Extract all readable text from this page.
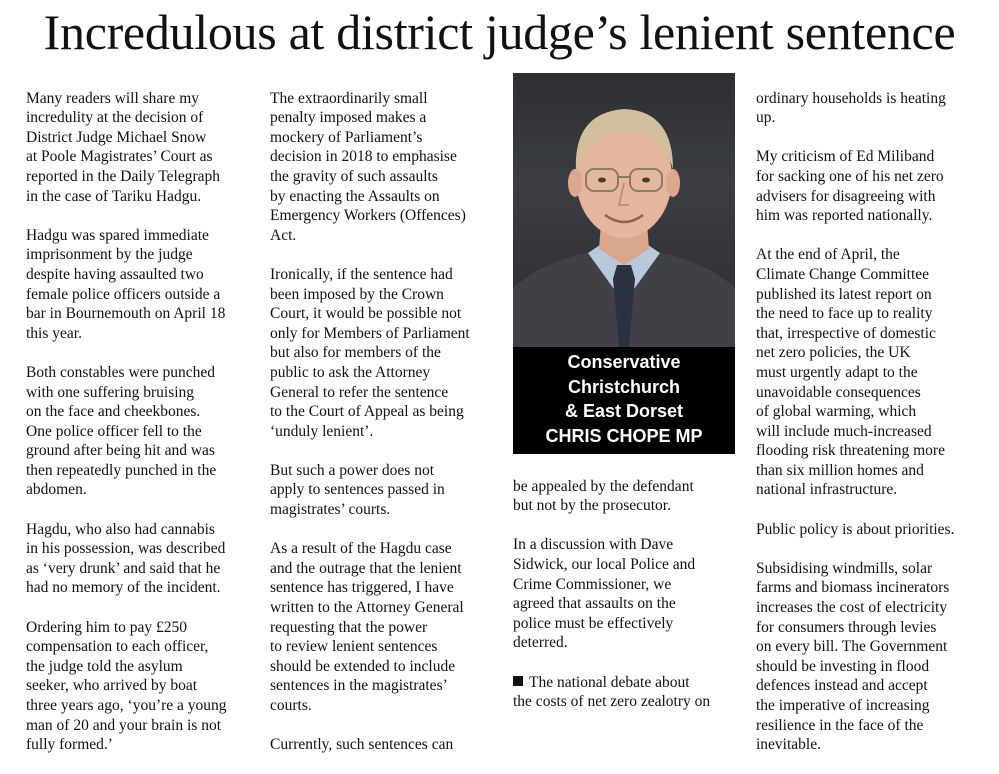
Incredulous at district judge’s lenient sentence

Many readers will share my
incredulity at the decision of
District Judge Michael Snow
at Poole Magistrates’ Court as
reported in the Daily Telegraph
in the case of Tariku Hadgu.

Hadgu was spared immediate
imprisonment by the judge
despite having assaulted two
female police officers outside a
bar in Bournemouth on April 18
this year.

Both constables were punched
with one suffering bruising
on the face and cheekbones.
One police officer fell to the
ground after being hit and was
then repeatedly punched in the
abdomen.

Hagdu, who also had cannabis
in his possession, was described
as ‘very drunk’ and said that he
had no memory of the incident.

Ordering him to pay £250
compensation to each officer,
the judge told the asylum
seeker, who arrived by boat
three years ago, ‘you’re a young
man of 20 and your brain is not
fully formed.’

The extraordinarily small
penalty imposed makes a
mockery of Parliament’s
decision in 2018 to emphasise
the gravity of such assaults
by enacting the Assaults on
Emergency Workers (Offences)
Act.

Ironically, if the sentence had
been imposed by the Crown
Court, it would be possible not
only for Members of Parliament
but also for members of the
public to ask the Attorney
General to refer the sentence
to the Court of Appeal as being
‘unduly lenient’.

But such a power does not
apply to sentences passed in
magistrates’ courts.

As a result of the Hagdu case
and the outrage that the lenient
sentence has triggered, I have
written to the Attorney General
requesting that the power
to review lenient sentences
should be extended to include
sentences in the magistrates’
courts.

Currently, such sentences can

Conservative
Christchurch
& East Dorset
CHRIS CHOPE MP

be appealed by the defendant
but not by the prosecutor.

In a discussion with Dave
Sidwick, our local Police and
Crime Commissioner, we
agreed that assaults on the
police must be effectively
deterred.

The national debate about
the costs of net zero zealotry on

ordinary households is heating
up.

My criticism of Ed Miliband
for sacking one of his net zero
advisers for disagreeing with
him was reported nationally.

At the end of April, the
Climate Change Committee
published its latest report on
the need to face up to reality
that, irrespective of domestic
net zero policies, the UK
must urgently adapt to the
unavoidable consequences
of global warming, which
will include much-increased
flooding risk threatening more
than six million homes and
national infrastructure.

Public policy is about priorities.

Subsidising windmills, solar
farms and biomass incinerators
increases the cost of electricity
for consumers through levies
on every bill. The Government
should be investing in flood
defences instead and accept
the imperative of increasing
resilience in the face of the
inevitable.
